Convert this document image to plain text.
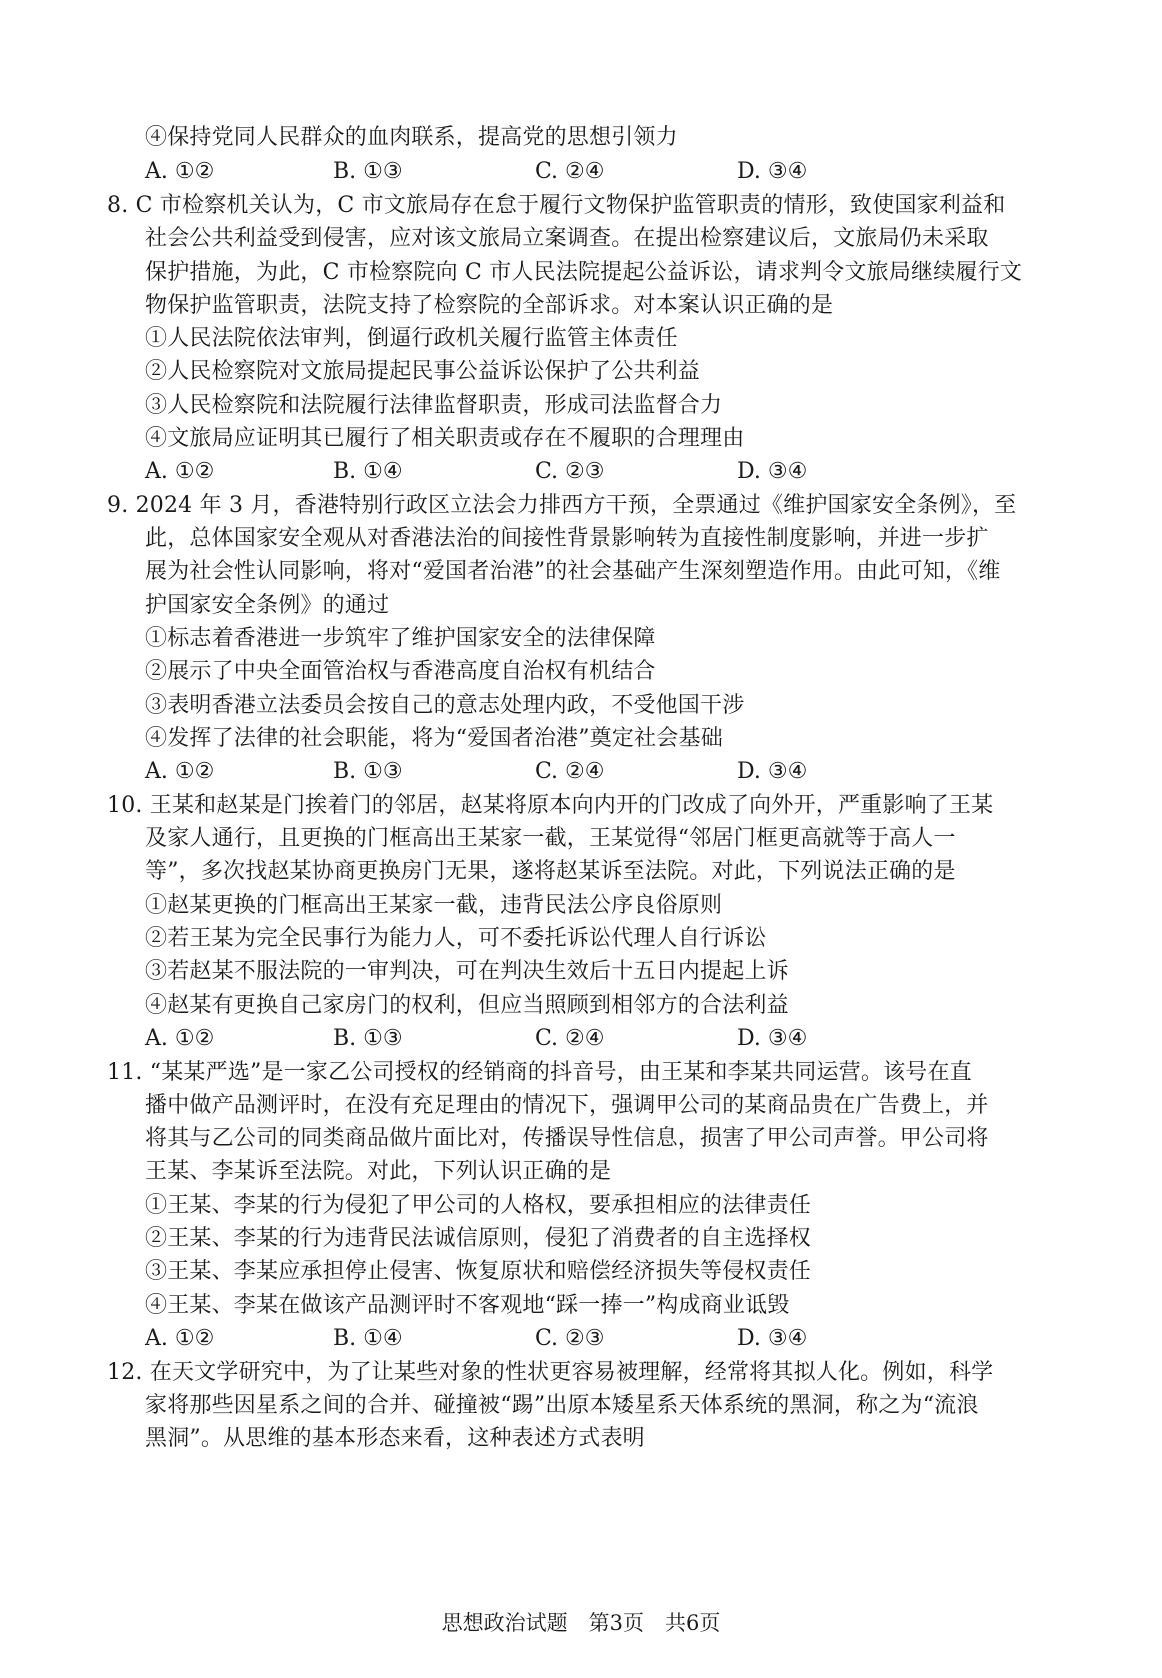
④保持党同人民群众的血肉联系，提高党的思想引领力
A. ①②	B. ①③	C. ②④	D. ③④
8. C 市检察机关认为，C 市文旅局存在怠于履行文物保护监管职责的情形，致使国家利益和
社会公共利益受到侵害，应对该文旅局立案调查。在提出检察建议后，文旅局仍未采取
保护措施，为此，C 市检察院向 C 市人民法院提起公益诉讼，请求判令文旅局继续履行文
物保护监管职责，法院支持了检察院的全部诉求。对本案认识正确的是
①人民法院依法审判，倒逼行政机关履行监管主体责任
②人民检察院对文旅局提起民事公益诉讼保护了公共利益
③人民检察院和法院履行法律监督职责，形成司法监督合力
④文旅局应证明其已履行了相关职责或存在不履职的合理理由
A. ①②	B. ①④	C. ②③	D. ③④
9. 2024 年 3 月，香港特别行政区立法会力排西方干预，全票通过《维护国家安全条例》，至
此，总体国家安全观从对香港法治的间接性背景影响转为直接性制度影响，并进一步扩
展为社会性认同影响，将对“爱国者治港”的社会基础产生深刻塑造作用。由此可知，《维
护国家安全条例》的通过
①标志着香港进一步筑牢了维护国家安全的法律保障
②展示了中央全面管治权与香港高度自治权有机结合
③表明香港立法委员会按自己的意志处理内政，不受他国干涉
④发挥了法律的社会职能，将为“爱国者治港”奠定社会基础
A. ①②	B. ①③	C. ②④	D. ③④
10. 王某和赵某是门挨着门的邻居，赵某将原本向内开的门改成了向外开，严重影响了王某
及家人通行，且更换的门框高出王某家一截，王某觉得“邻居门框更高就等于高人一
等”，多次找赵某协商更换房门无果，遂将赵某诉至法院。对此，下列说法正确的是
①赵某更换的门框高出王某家一截，违背民法公序良俗原则
②若王某为完全民事行为能力人，可不委托诉讼代理人自行诉讼
③若赵某不服法院的一审判决，可在判决生效后十五日内提起上诉
④赵某有更换自己家房门的权利，但应当照顾到相邻方的合法利益
A. ①②	B. ①③	C. ②④	D. ③④
11. “某某严选”是一家乙公司授权的经销商的抖音号，由王某和李某共同运营。该号在直
播中做产品测评时，在没有充足理由的情况下，强调甲公司的某商品贵在广告费上，并
将其与乙公司的同类商品做片面比对，传播误导性信息，损害了甲公司声誉。甲公司将
王某、李某诉至法院。对此，下列认识正确的是
①王某、李某的行为侵犯了甲公司的人格权，要承担相应的法律责任
②王某、李某的行为违背民法诚信原则，侵犯了消费者的自主选择权
③王某、李某应承担停止侵害、恢复原状和赔偿经济损失等侵权责任
④王某、李某在做该产品测评时不客观地“踩一捧一”构成商业诋毁
A. ①②	B. ①④	C. ②③	D. ③④
12. 在天文学研究中，为了让某些对象的性状更容易被理解，经常将其拟人化。例如，科学
家将那些因星系之间的合并、碰撞被“踢”出原本矮星系天体系统的黑洞，称之为“流浪
黑洞”。从思维的基本形态来看，这种表述方式表明
思想政治试题　第3页　共6页
